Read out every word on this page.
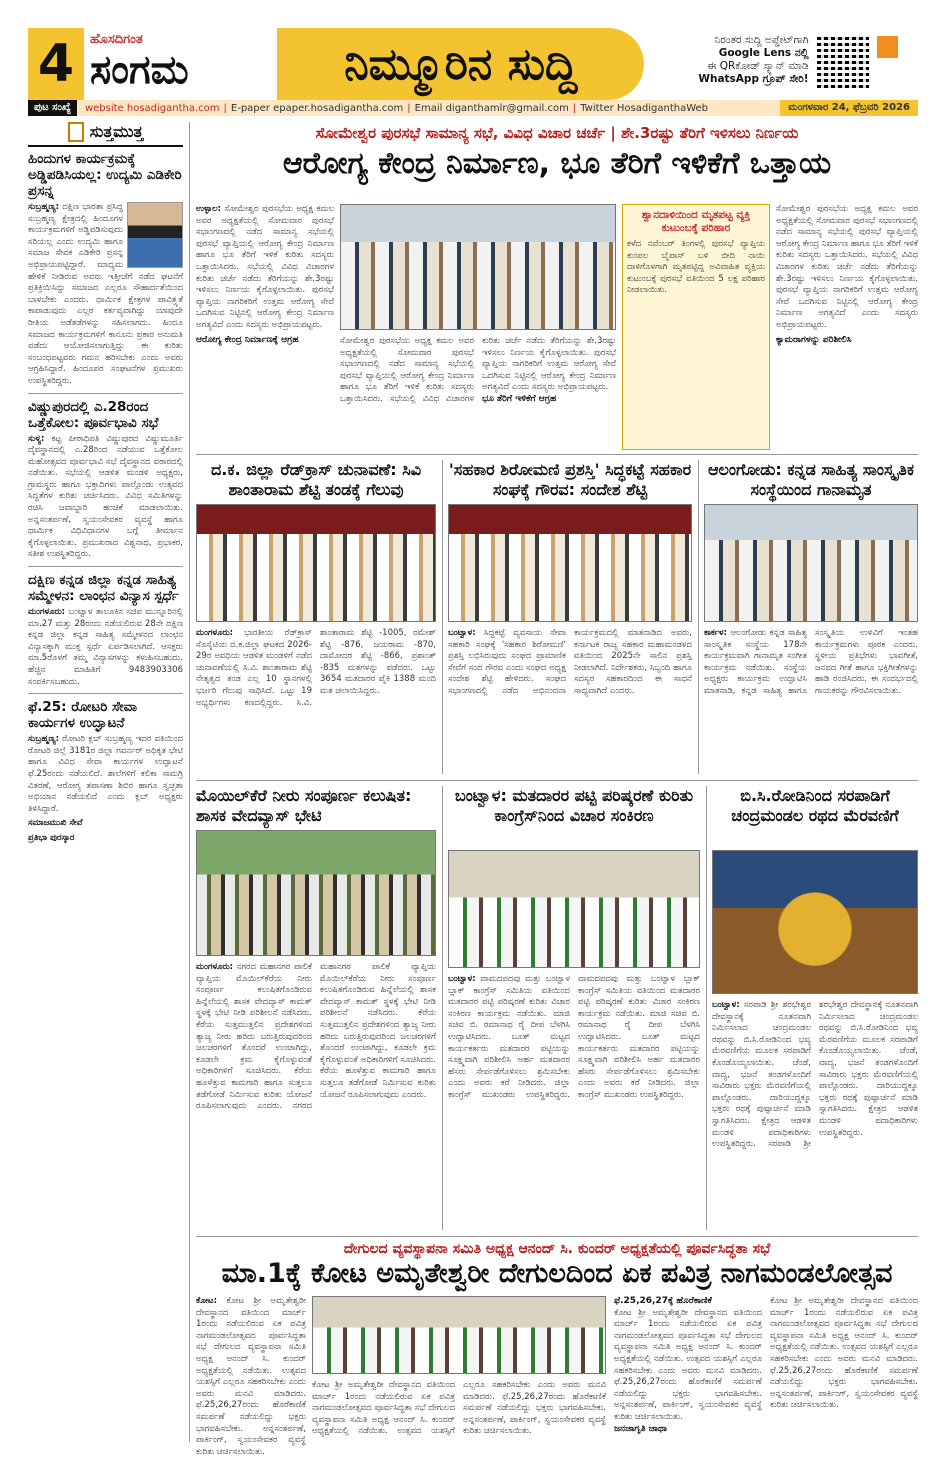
4	ಹೊಸದಿಗಂತ
ಸಂಗಮ	ನಿಮ್ಮೂರಿನ ಸುದ್ದಿ	ನಿರಂತರ ಸುದ್ದಿ ಅಪ್ಡೇಟ್‌ಗಾಗಿ
Google Lens ನಲ್ಲಿ
ಈ QRಕೋಡ್ ಸ್ಕ್ಯಾನ್ ಮಾಡಿ
WhatsApp ಗ್ರೂಪ್ ಸೇರಿ!
ಪುಟ ಸಂಖ್ಯೆ	website hosadigantha.com | E-paper epaper.hosadigantha.com | Email diganthamlr@gmail.com | Twitter HosadiganthaWeb	ಮಂಗಳವಾರ 24, ಫೆಬ್ರವರಿ 2026
ಸುತ್ತಮುತ್ತ
ಹಿಂದುಗಳ ಕಾರ್ಯಕ್ರಮಕ್ಕೆ ಅಡ್ಡಿಪಡಿಸಿಯಲ್ಲ: ಉದ್ಯಮಿ ಎಡಿಕೇರಿ ಪ್ರಸನ್ನ

ಸುಬ್ರಹ್ಮಣ್ಯ: ದಕ್ಷಿಣ ಭಾರತಾ ಪ್ರಸಿದ್ಧ ಸುಬ್ರಹ್ಮಣ್ಯ ಕ್ಷೇತ್ರದಲ್ಲಿ ಹಿಂದೂಗಳ ಕಾರ್ಯಕ್ರಮಗಳಿಗೆ ಅಡ್ಡಿಪಡಿಸುವುದು ಸರಿಯಲ್ಲ ಎಂದು ಉದ್ಯಮಿ ಹಾಗೂ ಸಮಾಜ ಸೇವಕ ಎಡಿಕೇರಿ ಪ್ರಸನ್ನ ಅಭಿಪ್ರಾಯಪಟ್ಟಿದ್ದಾರೆ. ಮಾಧ್ಯಮ ಹೇಳಿಕೆ ನೀಡಿರುವ ಅವರು ಇತ್ತೀಚೆಗೆ ನಡೆದ ಘಟನೆಗೆ ಪ್ರತಿಕ್ರಿಯಿಸಿದ್ದು ಸಮಾಜದ ಎಲ್ಲರೂ ಸೌಹಾರ್ದತೆಯಿಂದ ಬಾಳಬೇಕು ಎಂದರು. ಧಾರ್ಮಿಕ ಕ್ಷೇತ್ರಗಳ ಪಾವಿತ್ರ್ಯತೆ ಕಾಪಾಡುವುದು ಎಲ್ಲರ ಕರ್ತವ್ಯವಾಗಿದ್ದು ಯಾವುದೇ ರೀತಿಯ ಅಡೆತಡೆಗಳನ್ನು ಸಹಿಸಲಾಗದು. ಹಿಂದೂ ಸಮಾಜದ ಕಾರ್ಯಕ್ರಮಗಳಿಗೆ ಕಾನೂನು ಪ್ರಕಾರ ಅನುಮತಿ ಪಡೆದು ಆಯೋಜಿಸಲಾಗುತ್ತಿದ್ದು ಈ ಕುರಿತು ಸಂಬಂಧಪಟ್ಟವರು ಗಮನ ಹರಿಸಬೇಕು ಎಂದು ಅವರು ಆಗ್ರಹಿಸಿದ್ದಾರೆ. ಹಿಂದೂಪರ ಸಂಘಟನೆಗಳ ಪ್ರಮುಖರು ಉಪಸ್ಥಿತರಿದ್ದರು.

ವಿಷ್ಣುಪುರದಲ್ಲಿ ಎ.28ರಂದ ಒತ್ತೆಕೋಲ: ಪೂರ್ವಭಾವಿ ಸಭೆ

ಸುಳ್ಯ: ಕಟ್ಟ ಪೀಠಾಧಿಪತಿ ವಿಷ್ಣುಪುರದ ವಿಷ್ಣುಮೂರ್ತಿ ದೈವಸ್ಥಾನದಲ್ಲಿ ಎ.28ರಿಂದ ನಡೆಯುವ ಒತ್ತೆಕೋಲ ಮಹೋತ್ಸವದ ಪೂರ್ವಭಾವಿ ಸಭೆ ದೈವಸ್ಥಾನದ ವಠಾರದಲ್ಲಿ ನಡೆಯಿತು. ಸಭೆಯಲ್ಲಿ ಆಡಳಿತ ಮಂಡಳಿ ಅಧ್ಯಕ್ಷರು, ಗ್ರಾಮಸ್ಥರು ಹಾಗೂ ಭಕ್ತಾದಿಗಳು ಪಾಲ್ಗೊಂಡು ಉತ್ಸವದ ಸಿದ್ಧತೆಗಳ ಕುರಿತು ಚರ್ಚಿಸಿದರು. ವಿವಿಧ ಸಮಿತಿಗಳನ್ನು ರಚಿಸಿ ಜವಾಬ್ದಾರಿ ಹಂಚಿಕೆ ಮಾಡಲಾಯಿತು. ಅನ್ನಸಂತರ್ಪಣೆ, ಸ್ವಯಂಸೇವಕರ ವ್ಯವಸ್ಥೆ ಹಾಗೂ ಧಾರ್ಮಿಕ ವಿಧಿವಿಧಾನಗಳ ಬಗ್ಗೆ ತೀರ್ಮಾನ ಕೈಗೊಳ್ಳಲಾಯಿತು. ಪ್ರಮುಖರಾದ ವಿಶ್ವನಾಥ, ಪ್ರಭಾಕರ, ಸತೀಶ ಉಪಸ್ಥಿತರಿದ್ದರು.

ದಕ್ಷಿಣ ಕನ್ನಡ ಜಿಲ್ಲಾ ಕನ್ನಡ ಸಾಹಿತ್ಯ ಸಮ್ಮೇಳನ: ಲಾಂಛನ ವಿನ್ಯಾಸ ಸ್ಪರ್ಧೆ

ಮಂಗಳೂರು: ಬಂಟ್ವಾಳ ತಾಲೂಕಿನ ಸಜಿಪ ಮುನ್ನೂರಿನಲ್ಲಿ ಮಾ.27 ಮತ್ತು 28ರಂದು ನಡೆಯಲಿರುವ 28ನೇ ದಕ್ಷಿಣ ಕನ್ನಡ ಜಿಲ್ಲಾ ಕನ್ನಡ ಸಾಹಿತ್ಯ ಸಮ್ಮೇಳನದ ಲಾಂಛನ ವಿನ್ಯಾಸಕ್ಕಾಗಿ ಮುಕ್ತ ಸ್ಪರ್ಧೆ ಏರ್ಪಡಿಸಲಾಗಿದೆ. ಆಸಕ್ತರು ಮಾ.5ರೊಳಗೆ ತಮ್ಮ ವಿನ್ಯಾಸಗಳನ್ನು ಕಳುಹಿಸಬಹುದು. ಹೆಚ್ಚಿನ ಮಾಹಿತಿಗೆ 9483903306 ಸಂಪರ್ಕಿಸಬಹುದು.

ಫೆ.25: ರೋಟರಿ ಸೇವಾ ಕಾರ್ಯಗಳ ಉದ್ಘಾಟನೆ

ಸುಬ್ರಹ್ಮಣ್ಯ: ರೋಟರಿ ಕ್ಲಬ್ ಸುಬ್ರಹ್ಮಣ್ಯ ಇದರ ವತಿಯಿಂದ ರೋಟರಿ ಜಿಲ್ಲೆ 3181ರ ಜಿಲ್ಲಾ ಗವರ್ನರ್ ಅಧಿಕೃತ ಭೇಟಿ ಹಾಗೂ ವಿವಿಧ ಸೇವಾ ಕಾರ್ಯಗಳ ಉದ್ಘಾಟನೆ ಫೆ.25ರಂದು ನಡೆಯಲಿದೆ. ಶಾಲೆಗಳಿಗೆ ಕಲಿಕಾ ಸಾಮಗ್ರಿ ವಿತರಣೆ, ಆರೋಗ್ಯ ತಪಾಸಣಾ ಶಿಬಿರ ಹಾಗೂ ಸ್ವಚ್ಛತಾ ಅಭಿಯಾನ ನಡೆಯಲಿದೆ ಎಂದು ಕ್ಲಬ್ ಅಧ್ಯಕ್ಷರು ತಿಳಿಸಿದ್ದಾರೆ.

ಸಮಾಜಮುಖಿ ಸೇವೆ

ಪ್ರತಿಭಾ ಪುರಸ್ಕಾರ

ಸೋಮೇಶ್ವರ ಪುರಸಭೆ ಸಾಮಾನ್ಯ ಸಭೆ, ವಿವಿಧ ವಿಚಾರ ಚರ್ಚೆ | ಶೇ.3ರಷ್ಟು ತೆರಿಗೆ ಇಳಿಸಲು ನಿರ್ಣಯ
ಆರೋಗ್ಯ ಕೇಂದ್ರ ನಿರ್ಮಾಣ, ಭೂ ತೆರಿಗೆ ಇಳಿಕೆಗೆ ಒತ್ತಾಯ
ಉಳ್ಳಾಲ: ಸೋಮೇಶ್ವರ ಪುರಸಭೆಯ ಅಧ್ಯಕ್ಷ ಕಮಲ ಅವರ ಅಧ್ಯಕ್ಷತೆಯಲ್ಲಿ ಸೋಮವಾರ ಪುರಸಭೆ ಸಭಾಂಗಣದಲ್ಲಿ ನಡೆದ ಸಾಮಾನ್ಯ ಸಭೆಯಲ್ಲಿ ಪುರಸಭೆ ವ್ಯಾಪ್ತಿಯಲ್ಲಿ ಆರೋಗ್ಯ ಕೇಂದ್ರ ನಿರ್ಮಾಣ ಹಾಗೂ ಭೂ ತೆರಿಗೆ ಇಳಿಕೆ ಕುರಿತು ಸದಸ್ಯರು ಒತ್ತಾಯಿಸಿದರು. ಸಭೆಯಲ್ಲಿ ವಿವಿಧ ವಿಚಾರಗಳ ಕುರಿತು ಚರ್ಚೆ ನಡೆದು ತೆರಿಗೆಯನ್ನು ಶೇ.3ರಷ್ಟು ಇಳಿಸಲು ನಿರ್ಣಯ ಕೈಗೊಳ್ಳಲಾಯಿತು. ಪುರಸಭೆ ವ್ಯಾಪ್ತಿಯ ನಾಗರಿಕರಿಗೆ ಉತ್ತಮ ಆರೋಗ್ಯ ಸೇವೆ ಒದಗಿಸುವ ನಿಟ್ಟಿನಲ್ಲಿ ಆರೋಗ್ಯ ಕೇಂದ್ರ ನಿರ್ಮಾಣ ಅಗತ್ಯವಿದೆ ಎಂದು ಸದಸ್ಯರು ಅಭಿಪ್ರಾಯಪಟ್ಟರು.
ಆರೋಗ್ಯ ಕೇಂದ್ರ ನಿರ್ಮಾಣಕ್ಕೆ ಆಗ್ರಹ	ಸೋಮೇಶ್ವರ ಪುರಸಭೆಯ ಅಧ್ಯಕ್ಷ ಕಮಲ ಅವರ ಅಧ್ಯಕ್ಷತೆಯಲ್ಲಿ ಸೋಮವಾರ ಪುರಸಭೆ ಸಭಾಂಗಣದಲ್ಲಿ ನಡೆದ ಸಾಮಾನ್ಯ ಸಭೆಯಲ್ಲಿ ಪುರಸಭೆ ವ್ಯಾಪ್ತಿಯಲ್ಲಿ ಆರೋಗ್ಯ ಕೇಂದ್ರ ನಿರ್ಮಾಣ ಹಾಗೂ ಭೂ ತೆರಿಗೆ ಇಳಿಕೆ ಕುರಿತು ಸದಸ್ಯರು ಒತ್ತಾಯಿಸಿದರು. ಸಭೆಯಲ್ಲಿ ವಿವಿಧ ವಿಚಾರಗಳ ಕುರಿತು ಚರ್ಚೆ ನಡೆದು ತೆರಿಗೆಯನ್ನು ಶೇ.3ರಷ್ಟು ಇಳಿಸಲು ನಿರ್ಣಯ ಕೈಗೊಳ್ಳಲಾಯಿತು. ಪುರಸಭೆ ವ್ಯಾಪ್ತಿಯ ನಾಗರಿಕರಿಗೆ ಉತ್ತಮ ಆರೋಗ್ಯ ಸೇವೆ ಒದಗಿಸುವ ನಿಟ್ಟಿನಲ್ಲಿ ಆರೋಗ್ಯ ಕೇಂದ್ರ ನಿರ್ಮಾಣ ಅಗತ್ಯವಿದೆ ಎಂದು ಸದಸ್ಯರು ಅಭಿಪ್ರಾಯಪಟ್ಟರು.
ಭೂ ತೆರಿಗೆ ಇಳಿಕೆಗೆ ಆಗ್ರಹ
ಶ್ವಾನದಾಳಿಯಿಂದ ಮೃತಪಟ್ಟ ವ್ಯಕ್ತಿ ಕುಟುಂಬಕ್ಕೆ ಪರಿಹಾರ
ಕಳೆದ ನವೆಂಬರ್ ತಿಂಗಳಲ್ಲಿ ಪುರಸಭೆ ವ್ಯಾಪ್ತಿಯ ಕುಂಪಲ ಬೈಪಾಸ್ ಬಳಿ ಬೀದಿ ನಾಯಿ ದಾಳಿಗೊಳಗಾಗಿ ಮೃತಪಟ್ಟಿದ್ದ ಅವಿವಾಹಿತ ವ್ಯಕ್ತಿಯ ಕುಟುಂಬಕ್ಕೆ ಪುರಸಭೆ ವತಿಯಿಂದ 5 ಲಕ್ಷ ಪರಿಹಾರ ನೀಡಲಾಯಿತು.
ಸೋಮೇಶ್ವರ ಪುರಸಭೆಯ ಅಧ್ಯಕ್ಷ ಕಮಲ ಅವರ ಅಧ್ಯಕ್ಷತೆಯಲ್ಲಿ ಸೋಮವಾರ ಪುರಸಭೆ ಸಭಾಂಗಣದಲ್ಲಿ ನಡೆದ ಸಾಮಾನ್ಯ ಸಭೆಯಲ್ಲಿ ಪುರಸಭೆ ವ್ಯಾಪ್ತಿಯಲ್ಲಿ ಆರೋಗ್ಯ ಕೇಂದ್ರ ನಿರ್ಮಾಣ ಹಾಗೂ ಭೂ ತೆರಿಗೆ ಇಳಿಕೆ ಕುರಿತು ಸದಸ್ಯರು ಒತ್ತಾಯಿಸಿದರು. ಸಭೆಯಲ್ಲಿ ವಿವಿಧ ವಿಚಾರಗಳ ಕುರಿತು ಚರ್ಚೆ ನಡೆದು ತೆರಿಗೆಯನ್ನು ಶೇ.3ರಷ್ಟು ಇಳಿಸಲು ನಿರ್ಣಯ ಕೈಗೊಳ್ಳಲಾಯಿತು. ಪುರಸಭೆ ವ್ಯಾಪ್ತಿಯ ನಾಗರಿಕರಿಗೆ ಉತ್ತಮ ಆರೋಗ್ಯ ಸೇವೆ ಒದಗಿಸುವ ನಿಟ್ಟಿನಲ್ಲಿ ಆರೋಗ್ಯ ಕೇಂದ್ರ ನಿರ್ಮಾಣ ಅಗತ್ಯವಿದೆ ಎಂದು ಸದಸ್ಯರು ಅಭಿಪ್ರಾಯಪಟ್ಟರು.
ಕ್ಯಾಮರಾಗಳನ್ನು ಪರಿಶೀಲಿಸಿ
ದ.ಕ. ಜಿಲ್ಲಾ ರೆಡ್‌ಕ್ರಾಸ್ ಚುನಾವಣೆ: ಸಿವಿ ಶಾಂತಾರಾಮ ಶೆಟ್ಟಿ ತಂಡಕ್ಕೆ ಗೆಲುವು
ಮಂಗಳೂರು: ಭಾರತೀಯ ರೆಡ್‌ಕ್ರಾಸ್ ಸೊಸೈಟಿಯ ದ.ಕ.ಜಿಲ್ಲಾ ಘಟಕದ 2026-29ರ ಅವಧಿಯ ಆಡಳಿತ ಮಂಡಳಿಗೆ ನಡೆದ ಚುನಾವಣೆಯಲ್ಲಿ ಸಿ.ವಿ. ಶಾಂತಾರಾಮ ಶೆಟ್ಟಿ ನೇತೃತ್ವದ ತಂಡ ಎಲ್ಲ 10 ಸ್ಥಾನಗಳಲ್ಲಿ ಭರ್ಜರಿ ಗೆಲುವು ಸಾಧಿಸಿದೆ. ಒಟ್ಟು 19 ಅಭ್ಯರ್ಥಿಗಳು ಕಣದಲ್ಲಿದ್ದರು. ಸಿ.ವಿ. ಶಾಂತಾರಾಮ ಶೆಟ್ಟಿ -1005, ರಮೇಶ್ ಶೆಟ್ಟಿ -876, ಜಯರಾಮ -870, ದಾಮೋದರ ಶೆಟ್ಟಿ -866, ಪ್ರಶಾಂತ್ -835 ಮತಗಳನ್ನು ಪಡೆದರು. ಒಟ್ಟು 3654 ಮತದಾರರ ಪೈಕಿ 1388 ಮಂದಿ ಮತ ಚಲಾಯಿಸಿದ್ದರು.
'ಸಹಕಾರ ಶಿರೋಮಣಿ ಪ್ರಶಸ್ತಿ' ಸಿದ್ಧಕಟ್ಟೆ ಸಹಕಾರ ಸಂಘಕ್ಕೆ ಗೌರವ: ಸಂದೇಶ ಶೆಟ್ಟಿ
ಬಂಟ್ವಾಳ: ಸಿದ್ಧಕಟ್ಟೆ ವ್ಯವಸಾಯ ಸೇವಾ ಸಹಕಾರಿ ಸಂಘಕ್ಕೆ 'ಸಹಕಾರ ಶಿರೋಮಣಿ' ಪ್ರಶಸ್ತಿ ಲಭಿಸಿರುವುದು ಸಂಘದ ಪ್ರಾಮಾಣಿಕ ಸೇವೆಗೆ ಸಂದ ಗೌರವ ಎಂದು ಸಂಘದ ಅಧ್ಯಕ್ಷ ಸಂದೇಶ ಶೆಟ್ಟಿ ಹೇಳಿದರು. ಸಂಘದ ಸಭಾಂಗಣದಲ್ಲಿ ನಡೆದ ಅಭಿನಂದನಾ ಕಾರ್ಯಕ್ರಮದಲ್ಲಿ ಮಾತನಾಡಿದ ಅವರು, ಕರ್ನಾಟಕ ರಾಜ್ಯ ಸಹಕಾರ ಮಹಾಮಂಡಳದ ವತಿಯಿಂದ 2025ನೇ ಸಾಲಿನ ಪ್ರಶಸ್ತಿ ನೀಡಲಾಗಿದೆ. ನಿರ್ದೇಶಕರು, ಸಿಬ್ಬಂದಿ ಹಾಗೂ ಸದಸ್ಯರ ಸಹಕಾರದಿಂದ ಈ ಸಾಧನೆ ಸಾಧ್ಯವಾಗಿದೆ ಎಂದರು.
ಆಲಂಗೋಡು: ಕನ್ನಡ ಸಾಹಿತ್ಯ ಸಾಂಸ್ಕೃತಿಕ ಸಂಸ್ಥೆಯಿಂದ ಗಾನಾಮೃತ
ಕಾರ್ಕಳ: ಆಲಂಗೋಡು ಕನ್ನಡ ಸಾಹಿತ್ಯ ಸಾಂಸ್ಕೃತಿಕ ಸಂಸ್ಥೆಯ 178ನೇ ಕಾರ್ಯಕ್ರಮವಾಗಿ ಗಾನಾಮೃತ ಸಂಗೀತ ಕಾರ್ಯಕ್ರಮ ನಡೆಯಿತು. ಸಂಸ್ಥೆಯ ಅಧ್ಯಕ್ಷರು ಕಾರ್ಯಕ್ರಮ ಉದ್ಘಾಟಿಸಿ ಮಾತನಾಡಿ, ಕನ್ನಡ ಸಾಹಿತ್ಯ ಹಾಗೂ ಸಂಸ್ಕೃತಿಯ ಉಳಿವಿಗೆ ಇಂತಹ ಕಾರ್ಯಕ್ರಮಗಳು ಪೂರಕ ಎಂದರು. ಸ್ಥಳೀಯ ಪ್ರತಿಭೆಗಳು ಭಾವಗೀತೆ, ಜನಪದ ಗೀತೆ ಹಾಗೂ ಭಕ್ತಿಗೀತೆಗಳನ್ನು ಹಾಡಿ ರಂಜಿಸಿದರು. ಈ ಸಂದರ್ಭದಲ್ಲಿ ಗಾಯಕರನ್ನು ಗೌರವಿಸಲಾಯಿತು.
ಮೊಯಿಲ್‌ಕೆರೆ ನೀರು ಸಂಪೂರ್ಣ ಕಲುಷಿತ: ಶಾಸಕ ವೇದವ್ಯಾಸ್ ಭೇಟಿ
ಮಂಗಳೂರು: ನಗರದ ಮಹಾನಗರ ಪಾಲಿಕೆ ವ್ಯಾಪ್ತಿಯ ಮೊಯಿಲ್‌ಕೆರೆಯ ನೀರು ಸಂಪೂರ್ಣ ಕಲುಷಿತಗೊಂಡಿರುವ ಹಿನ್ನೆಲೆಯಲ್ಲಿ ಶಾಸಕ ವೇದವ್ಯಾಸ್ ಕಾಮತ್ ಸ್ಥಳಕ್ಕೆ ಭೇಟಿ ನೀಡಿ ಪರಿಶೀಲನೆ ನಡೆಸಿದರು. ಕೆರೆಯ ಸುತ್ತಮುತ್ತಲಿನ ಪ್ರದೇಶಗಳಿಂದ ತ್ಯಾಜ್ಯ ನೀರು ಹರಿದು ಬರುತ್ತಿರುವುದರಿಂದ ಜಲಚರಗಳಿಗೆ ತೊಂದರೆ ಉಂಟಾಗಿದ್ದು, ಕೂಡಲೇ ಕ್ರಮ ಕೈಗೊಳ್ಳುವಂತೆ ಅಧಿಕಾರಿಗಳಿಗೆ ಸೂಚಿಸಿದರು. ಕೆರೆಯ ಹೂಳೆತ್ತುವ ಕಾಮಗಾರಿ ಹಾಗೂ ಸುತ್ತಲೂ ತಡೆಗೋಡೆ ನಿರ್ಮಿಸುವ ಕುರಿತು ಯೋಜನೆ ರೂಪಿಸಲಾಗುವುದು ಎಂದರು. ನಗರದ ಮಹಾನಗರ ಪಾಲಿಕೆ ವ್ಯಾಪ್ತಿಯ ಮೊಯಿಲ್‌ಕೆರೆಯ ನೀರು ಸಂಪೂರ್ಣ ಕಲುಷಿತಗೊಂಡಿರುವ ಹಿನ್ನೆಲೆಯಲ್ಲಿ ಶಾಸಕ ವೇದವ್ಯಾಸ್ ಕಾಮತ್ ಸ್ಥಳಕ್ಕೆ ಭೇಟಿ ನೀಡಿ ಪರಿಶೀಲನೆ ನಡೆಸಿದರು. ಕೆರೆಯ ಸುತ್ತಮುತ್ತಲಿನ ಪ್ರದೇಶಗಳಿಂದ ತ್ಯಾಜ್ಯ ನೀರು ಹರಿದು ಬರುತ್ತಿರುವುದರಿಂದ ಜಲಚರಗಳಿಗೆ ತೊಂದರೆ ಉಂಟಾಗಿದ್ದು, ಕೂಡಲೇ ಕ್ರಮ ಕೈಗೊಳ್ಳುವಂತೆ ಅಧಿಕಾರಿಗಳಿಗೆ ಸೂಚಿಸಿದರು. ಕೆರೆಯ ಹೂಳೆತ್ತುವ ಕಾಮಗಾರಿ ಹಾಗೂ ಸುತ್ತಲೂ ತಡೆಗೋಡೆ ನಿರ್ಮಿಸುವ ಕುರಿತು ಯೋಜನೆ ರೂಪಿಸಲಾಗುವುದು ಎಂದರು.
ಬಂಟ್ವಾಳ: ಮತದಾರರ ಪಟ್ಟಿ ಪರಿಷ್ಕರಣೆ ಕುರಿತು ಕಾಂಗ್ರೆಸ್‌ನಿಂದ ವಿಚಾರ ಸಂಕಿರಣ
ಬಂಟ್ವಾಳ: ವಾಮದಪದವು ಮತ್ತು ಬಂಟ್ವಾಳ ಬ್ಲಾಕ್ ಕಾಂಗ್ರೆಸ್ ಸಮಿತಿಯ ವತಿಯಿಂದ ಮತದಾರರ ಪಟ್ಟಿ ಪರಿಷ್ಕರಣೆ ಕುರಿತು ವಿಚಾರ ಸಂಕಿರಣ ಕಾರ್ಯಕ್ರಮ ನಡೆಯಿತು. ಮಾಜಿ ಸಚಿವ ಬಿ. ರಮಾನಾಥ ರೈ ದೀಪ ಬೆಳಗಿಸಿ ಉದ್ಘಾಟಿಸಿದರು. ಬೂತ್ ಮಟ್ಟದ ಕಾರ್ಯಕರ್ತರು ಮತದಾರರ ಪಟ್ಟಿಯನ್ನು ಸೂಕ್ಷ್ಮವಾಗಿ ಪರಿಶೀಲಿಸಿ ಅರ್ಹ ಮತದಾರರ ಹೆಸರು ಸೇರ್ಪಡೆಗೊಳಿಸಲು ಶ್ರಮಿಸಬೇಕು ಎಂದು ಅವರು ಕರೆ ನೀಡಿದರು. ಜಿಲ್ಲಾ ಕಾಂಗ್ರೆಸ್ ಮುಖಂಡರು ಉಪಸ್ಥಿತರಿದ್ದರು. ವಾಮದಪದವು ಮತ್ತು ಬಂಟ್ವಾಳ ಬ್ಲಾಕ್ ಕಾಂಗ್ರೆಸ್ ಸಮಿತಿಯ ವತಿಯಿಂದ ಮತದಾರರ ಪಟ್ಟಿ ಪರಿಷ್ಕರಣೆ ಕುರಿತು ವಿಚಾರ ಸಂಕಿರಣ ಕಾರ್ಯಕ್ರಮ ನಡೆಯಿತು. ಮಾಜಿ ಸಚಿವ ಬಿ. ರಮಾನಾಥ ರೈ ದೀಪ ಬೆಳಗಿಸಿ ಉದ್ಘಾಟಿಸಿದರು. ಬೂತ್ ಮಟ್ಟದ ಕಾರ್ಯಕರ್ತರು ಮತದಾರರ ಪಟ್ಟಿಯನ್ನು ಸೂಕ್ಷ್ಮವಾಗಿ ಪರಿಶೀಲಿಸಿ ಅರ್ಹ ಮತದಾರರ ಹೆಸರು ಸೇರ್ಪಡೆಗೊಳಿಸಲು ಶ್ರಮಿಸಬೇಕು ಎಂದು ಅವರು ಕರೆ ನೀಡಿದರು. ಜಿಲ್ಲಾ ಕಾಂಗ್ರೆಸ್ ಮುಖಂಡರು ಉಪಸ್ಥಿತರಿದ್ದರು.
ಬಿ.ಸಿ.ರೋಡಿನಿಂದ ಸರಪಾಡಿಗೆ ಚಂದ್ರಮಂಡಲ ರಥದ ಮೆರವಣಿಗೆ
ಬಂಟ್ವಾಳ: ಸರಪಾಡಿ ಶ್ರೀ ಶರಭೇಶ್ವರ ದೇವಸ್ಥಾನಕ್ಕೆ ನೂತನವಾಗಿ ನಿರ್ಮಿಸಲಾದ ಚಂದ್ರಮಂಡಲ ರಥವನ್ನು ಬಿ.ಸಿ.ರೋಡಿನಿಂದ ಭವ್ಯ ಮೆರವಣಿಗೆಯ ಮೂಲಕ ಸರಪಾಡಿಗೆ ಕೊಂಡೊಯ್ಯಲಾಯಿತು. ಚೆಂಡೆ, ವಾದ್ಯ, ಭಜನೆ ತಂಡಗಳೊಂದಿಗೆ ಸಾವಿರಾರು ಭಕ್ತರು ಮೆರವಣಿಗೆಯಲ್ಲಿ ಪಾಲ್ಗೊಂಡರು. ದಾರಿಯುದ್ದಕ್ಕೂ ಭಕ್ತರು ರಥಕ್ಕೆ ಪುಷ್ಪಾರ್ಚನೆ ಮಾಡಿ ಸ್ವಾಗತಿಸಿದರು. ಕ್ಷೇತ್ರದ ಆಡಳಿತ ಮಂಡಳಿ ಪದಾಧಿಕಾರಿಗಳು ಉಪಸ್ಥಿತರಿದ್ದರು. ಸರಪಾಡಿ ಶ್ರೀ ಶರಭೇಶ್ವರ ದೇವಸ್ಥಾನಕ್ಕೆ ನೂತನವಾಗಿ ನಿರ್ಮಿಸಲಾದ ಚಂದ್ರಮಂಡಲ ರಥವನ್ನು ಬಿ.ಸಿ.ರೋಡಿನಿಂದ ಭವ್ಯ ಮೆರವಣಿಗೆಯ ಮೂಲಕ ಸರಪಾಡಿಗೆ ಕೊಂಡೊಯ್ಯಲಾಯಿತು. ಚೆಂಡೆ, ವಾದ್ಯ, ಭಜನೆ ತಂಡಗಳೊಂದಿಗೆ ಸಾವಿರಾರು ಭಕ್ತರು ಮೆರವಣಿಗೆಯಲ್ಲಿ ಪಾಲ್ಗೊಂಡರು. ದಾರಿಯುದ್ದಕ್ಕೂ ಭಕ್ತರು ರಥಕ್ಕೆ ಪುಷ್ಪಾರ್ಚನೆ ಮಾಡಿ ಸ್ವಾಗತಿಸಿದರು. ಕ್ಷೇತ್ರದ ಆಡಳಿತ ಮಂಡಳಿ ಪದಾಧಿಕಾರಿಗಳು ಉಪಸ್ಥಿತರಿದ್ದರು.
ದೇಗುಲದ ವ್ಯವಸ್ಥಾಪನಾ ಸಮಿತಿ ಅಧ್ಯಕ್ಷ ಆನಂದ್ ಸಿ. ಕುಂದರ್ ಅಧ್ಯಕ್ಷತೆಯಲ್ಲಿ ಪೂರ್ವಸಿದ್ಧತಾ ಸಭೆ
ಮಾ.1ಕ್ಕೆ ಕೋಟ ಅಮೃತೇಶ್ವರೀ ದೇಗುಲದಿಂದ ಏಕ ಪವಿತ್ರ ನಾಗಮಂಡಲೋತ್ಸವ
ಕೋಟ: ಕೋಟ ಶ್ರೀ ಅಮೃತೇಶ್ವರೀ ದೇವಸ್ಥಾನದ ವತಿಯಿಂದ ಮಾರ್ಚ್ 1ರಂದು ನಡೆಯಲಿರುವ ಏಕ ಪವಿತ್ರ ನಾಗಮಂಡಲೋತ್ಸವದ ಪೂರ್ವಸಿದ್ಧತಾ ಸಭೆ ದೇಗುಲದ ವ್ಯವಸ್ಥಾಪನಾ ಸಮಿತಿ ಅಧ್ಯಕ್ಷ ಆನಂದ್ ಸಿ. ಕುಂದರ್ ಅಧ್ಯಕ್ಷತೆಯಲ್ಲಿ ನಡೆಯಿತು. ಉತ್ಸವದ ಯಶಸ್ಸಿಗೆ ಎಲ್ಲರೂ ಸಹಕರಿಸಬೇಕು ಎಂದು ಅವರು ಮನವಿ ಮಾಡಿದರು. ಫೆ.25,26,27ರಂದು ಹೊರೆಕಾಣಿಕೆ ಸಮರ್ಪಣೆ ನಡೆಯಲಿದ್ದು ಭಕ್ತರು ಭಾಗವಹಿಸಬೇಕು. ಅನ್ನಸಂತರ್ಪಣೆ, ಪಾರ್ಕಿಂಗ್, ಸ್ವಯಂಸೇವಕರ ವ್ಯವಸ್ಥೆ ಕುರಿತು ಚರ್ಚಿಸಲಾಯಿತು.
ಕೋಟ ಶ್ರೀ ಅಮೃತೇಶ್ವರೀ ದೇವಸ್ಥಾನದ ವತಿಯಿಂದ ಮಾರ್ಚ್ 1ರಂದು ನಡೆಯಲಿರುವ ಏಕ ಪವಿತ್ರ ನಾಗಮಂಡಲೋತ್ಸವದ ಪೂರ್ವಸಿದ್ಧತಾ ಸಭೆ ದೇಗುಲದ ವ್ಯವಸ್ಥಾಪನಾ ಸಮಿತಿ ಅಧ್ಯಕ್ಷ ಆನಂದ್ ಸಿ. ಕುಂದರ್ ಅಧ್ಯಕ್ಷತೆಯಲ್ಲಿ ನಡೆಯಿತು. ಉತ್ಸವದ ಯಶಸ್ಸಿಗೆ ಎಲ್ಲರೂ ಸಹಕರಿಸಬೇಕು ಎಂದು ಅವರು ಮನವಿ ಮಾಡಿದರು. ಫೆ.25,26,27ರಂದು ಹೊರೆಕಾಣಿಕೆ ಸಮರ್ಪಣೆ ನಡೆಯಲಿದ್ದು ಭಕ್ತರು ಭಾಗವಹಿಸಬೇಕು. ಅನ್ನಸಂತರ್ಪಣೆ, ಪಾರ್ಕಿಂಗ್, ಸ್ವಯಂಸೇವಕರ ವ್ಯವಸ್ಥೆ ಕುರಿತು ಚರ್ಚಿಸಲಾಯಿತು.
ಫೆ.25,26,27ಕ್ಕೆ ಹೊರೆಕಾಣಿಕೆ
ಕೋಟ ಶ್ರೀ ಅಮೃತೇಶ್ವರೀ ದೇವಸ್ಥಾನದ ವತಿಯಿಂದ ಮಾರ್ಚ್ 1ರಂದು ನಡೆಯಲಿರುವ ಏಕ ಪವಿತ್ರ ನಾಗಮಂಡಲೋತ್ಸವದ ಪೂರ್ವಸಿದ್ಧತಾ ಸಭೆ ದೇಗುಲದ ವ್ಯವಸ್ಥಾಪನಾ ಸಮಿತಿ ಅಧ್ಯಕ್ಷ ಆನಂದ್ ಸಿ. ಕುಂದರ್ ಅಧ್ಯಕ್ಷತೆಯಲ್ಲಿ ನಡೆಯಿತು. ಉತ್ಸವದ ಯಶಸ್ಸಿಗೆ ಎಲ್ಲರೂ ಸಹಕರಿಸಬೇಕು ಎಂದು ಅವರು ಮನವಿ ಮಾಡಿದರು. ಫೆ.25,26,27ರಂದು ಹೊರೆಕಾಣಿಕೆ ಸಮರ್ಪಣೆ ನಡೆಯಲಿದ್ದು ಭಕ್ತರು ಭಾಗವಹಿಸಬೇಕು. ಅನ್ನಸಂತರ್ಪಣೆ, ಪಾರ್ಕಿಂಗ್, ಸ್ವಯಂಸೇವಕರ ವ್ಯವಸ್ಥೆ ಕುರಿತು ಚರ್ಚಿಸಲಾಯಿತು.
ಜನಜಾಗೃತಿ ಜಾಥಾ
ಕೋಟ ಶ್ರೀ ಅಮೃತೇಶ್ವರೀ ದೇವಸ್ಥಾನದ ವತಿಯಿಂದ ಮಾರ್ಚ್ 1ರಂದು ನಡೆಯಲಿರುವ ಏಕ ಪವಿತ್ರ ನಾಗಮಂಡಲೋತ್ಸವದ ಪೂರ್ವಸಿದ್ಧತಾ ಸಭೆ ದೇಗುಲದ ವ್ಯವಸ್ಥಾಪನಾ ಸಮಿತಿ ಅಧ್ಯಕ್ಷ ಆನಂದ್ ಸಿ. ಕುಂದರ್ ಅಧ್ಯಕ್ಷತೆಯಲ್ಲಿ ನಡೆಯಿತು. ಉತ್ಸವದ ಯಶಸ್ಸಿಗೆ ಎಲ್ಲರೂ ಸಹಕರಿಸಬೇಕು ಎಂದು ಅವರು ಮನವಿ ಮಾಡಿದರು. ಫೆ.25,26,27ರಂದು ಹೊರೆಕಾಣಿಕೆ ಸಮರ್ಪಣೆ ನಡೆಯಲಿದ್ದು ಭಕ್ತರು ಭಾಗವಹಿಸಬೇಕು. ಅನ್ನಸಂತರ್ಪಣೆ, ಪಾರ್ಕಿಂಗ್, ಸ್ವಯಂಸೇವಕರ ವ್ಯವಸ್ಥೆ ಕುರಿತು ಚರ್ಚಿಸಲಾಯಿತು.
